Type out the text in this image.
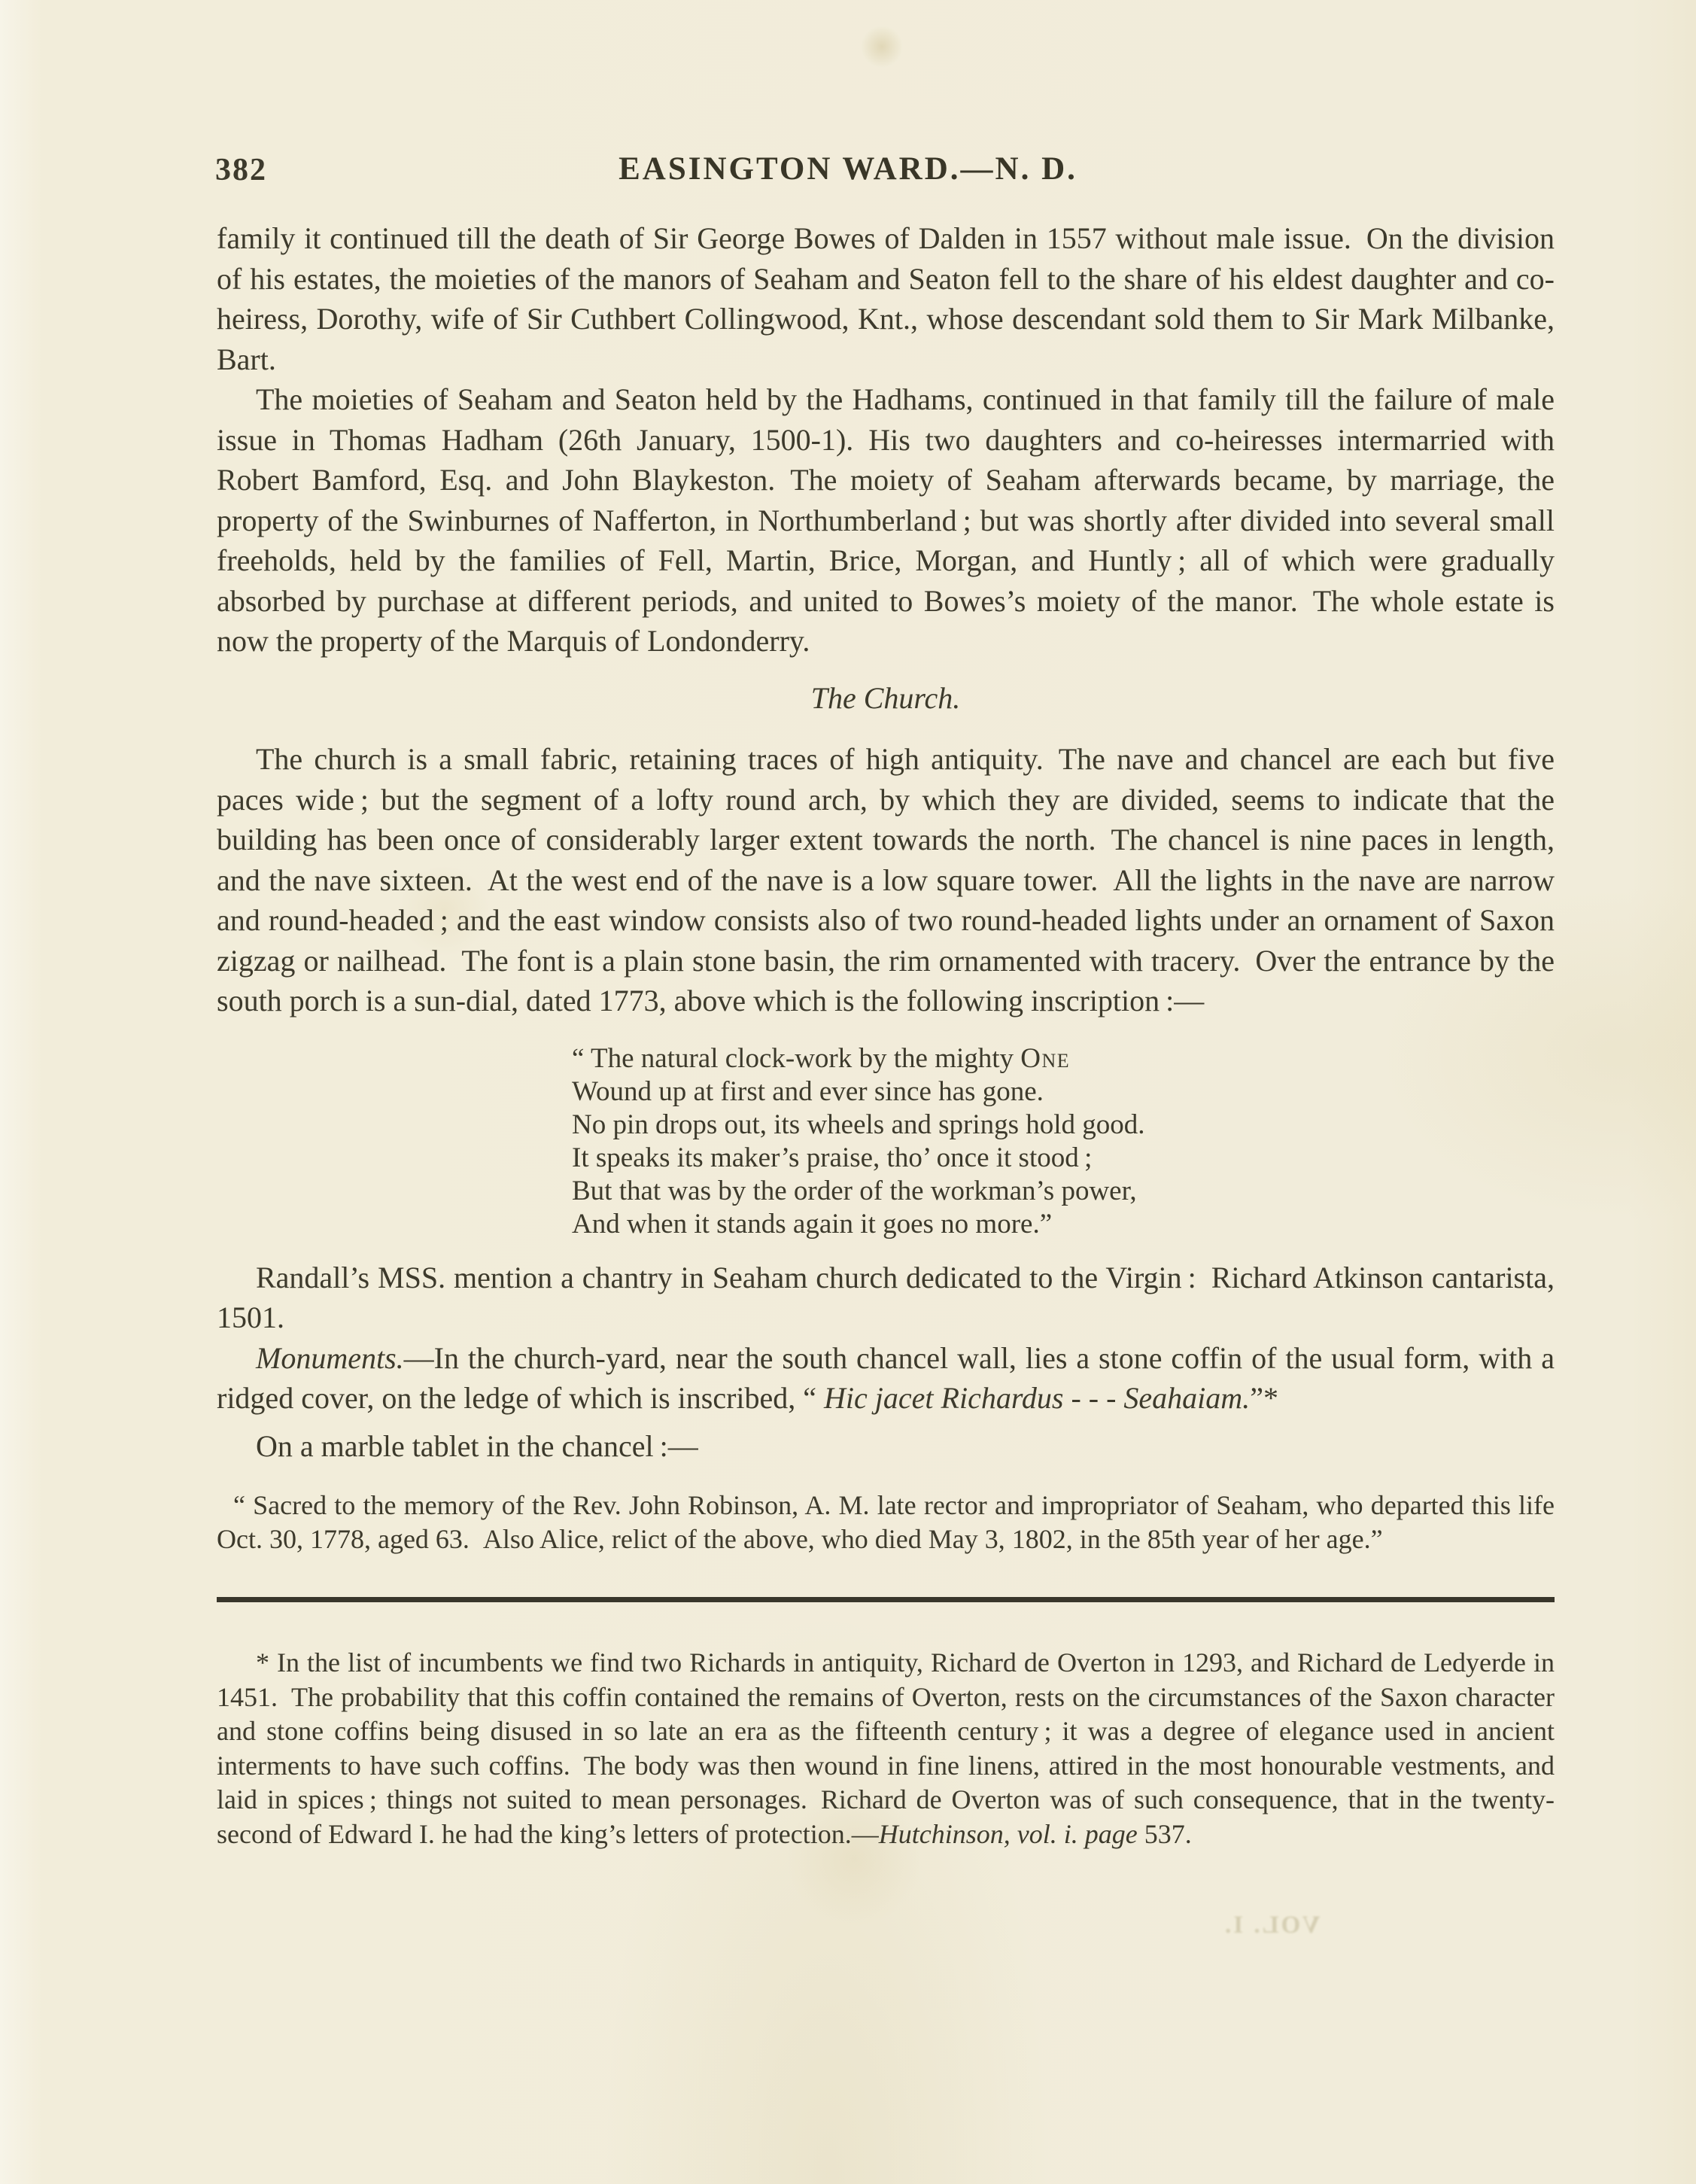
382	EASINGTON WARD.—N. D.

family it continued till the death of Sir George Bowes of Dalden in 1557 without male issue. On the division of his estates, the moieties of the manors of Seaham and Seaton fell to the share of his eldest daughter and co-heiress, Dorothy, wife of Sir Cuthbert Collingwood, Knt., whose descendant sold them to Sir Mark Milbanke, Bart.

The moieties of Seaham and Seaton held by the Hadhams, continued in that family till the failure of male issue in Thomas Hadham (26th January, 1500-1). His two daughters and co-heiresses intermarried with Robert Bamford, Esq. and John Blaykeston. The moiety of Seaham afterwards became, by marriage, the property of the Swinburnes of Nafferton, in Northumberland ; but was shortly after divided into several small freeholds, held by the families of Fell, Martin, Brice, Morgan, and Huntly ; all of which were gradually absorbed by purchase at different periods, and united to Bowes’s moiety of the manor. The whole estate is now the property of the Marquis of Londonderry.

The Church.

The church is a small fabric, retaining traces of high antiquity. The nave and chancel are each but five paces wide ; but the segment of a lofty round arch, by which they are divided, seems to indicate that the building has been once of considerably larger extent towards the north. The chancel is nine paces in length, and the nave sixteen. At the west end of the nave is a low square tower. All the lights in the nave are narrow and round-headed ; and the east window consists also of two round-headed lights under an ornament of Saxon zigzag or nailhead. The font is a plain stone basin, the rim ornamented with tracery. Over the entrance by the south porch is a sun-dial, dated 1773, above which is the following inscription :—

“ The natural clock-work by the mighty One
Wound up at first and ever since has gone.
No pin drops out, its wheels and springs hold good.
It speaks its maker’s praise, tho’ once it stood ;
But that was by the order of the workman’s power,
And when it stands again it goes no more.”

Randall’s MSS. mention a chantry in Seaham church dedicated to the Virgin : Richard Atkinson cantarista, 1501.

Monuments.—In the church-yard, near the south chancel wall, lies a stone coffin of the usual form, with a ridged cover, on the ledge of which is inscribed, “ Hic jacet Richardus - - - Seahaiam.”*

On a marble tablet in the chancel :—

“ Sacred to the memory of the Rev. John Robinson, A. M. late rector and impropriator of Seaham, who departed this life Oct. 30, 1778, aged 63. Also Alice, relict of the above, who died May 3, 1802, in the 85th year of her age.”

* In the list of incumbents we find two Richards in antiquity, Richard de Overton in 1293, and Richard de Ledyerde in 1451. The probability that this coffin contained the remains of Overton, rests on the circumstances of the Saxon character and stone coffins being disused in so late an era as the fifteenth century ; it was a degree of elegance used in ancient interments to have such coffins. The body was then wound in fine linens, attired in the most honourable vestments, and laid in spices ; things not suited to mean personages. Richard de Overton was of such consequence, that in the twenty-second of Edward I. he had the king’s letters of protection.—Hutchinson, vol. i. page 537.

VOL. I.
